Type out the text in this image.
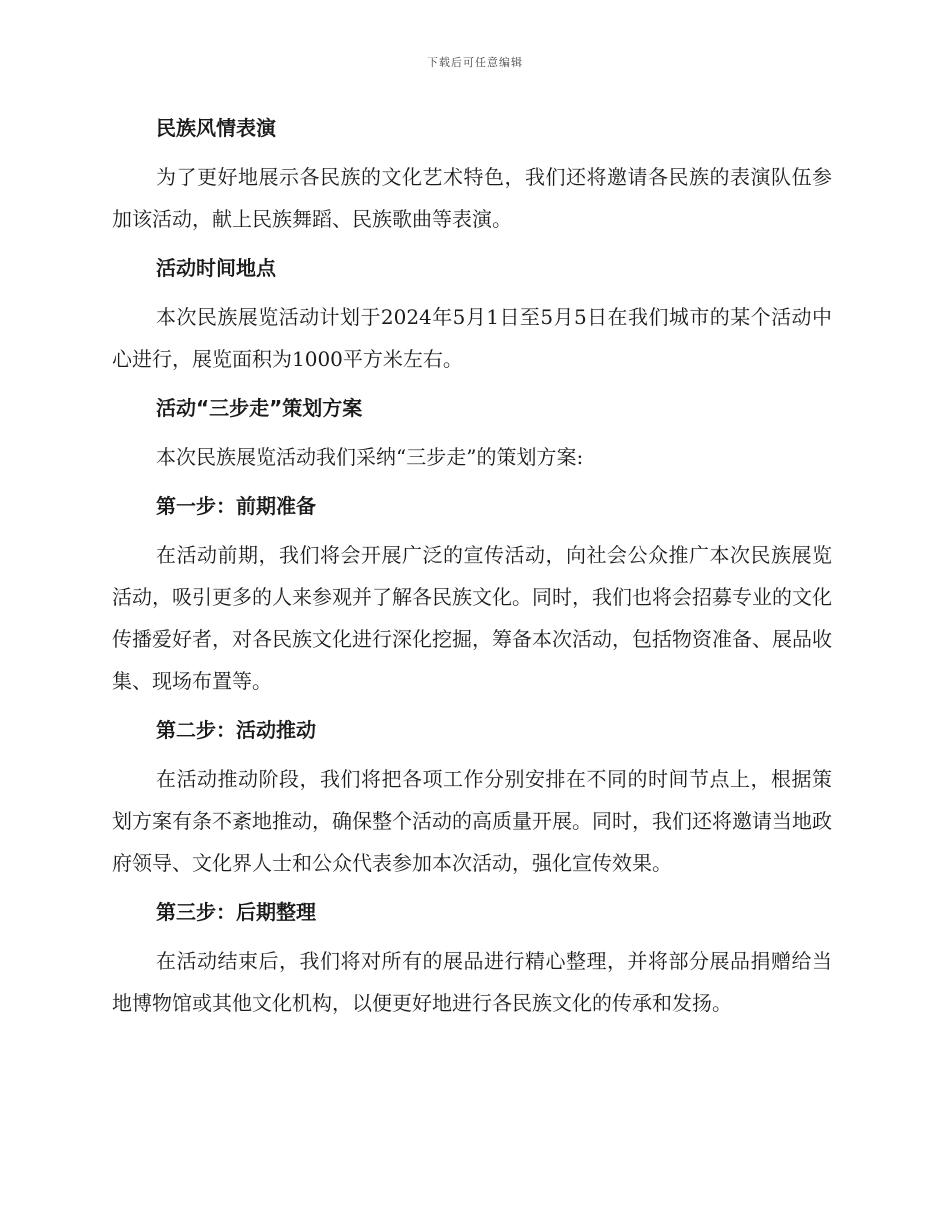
下载后可任意编辑
民族风情表演
为了更好地展示各民族的文化艺术特色，我们还将邀请各民族的表演队伍参加该活动，献上民族舞蹈、民族歌曲等表演。
活动时间地点
本次民族展览活动计划于2024年5月1日至5月5日在我们城市的某个活动中心进行，展览面积为1000平方米左右。
活动“三步走”策划方案
本次民族展览活动我们采纳“三步走”的策划方案:
第一步：前期准备
在活动前期，我们将会开展广泛的宣传活动，向社会公众推广本次民族展览活动，吸引更多的人来参观并了解各民族文化。同时，我们也将会招募专业的文化传播爱好者，对各民族文化进行深化挖掘，筹备本次活动，包括物资准备、展品收集、现场布置等。
第二步：活动推动
在活动推动阶段，我们将把各项工作分别安排在不同的时间节点上，根据策划方案有条不紊地推动，确保整个活动的高质量开展。同时，我们还将邀请当地政府领导、文化界人士和公众代表参加本次活动，强化宣传效果。
第三步：后期整理
在活动结束后，我们将对所有的展品进行精心整理，并将部分展品捐赠给当地博物馆或其他文化机构，以便更好地进行各民族文化的传承和发扬。
